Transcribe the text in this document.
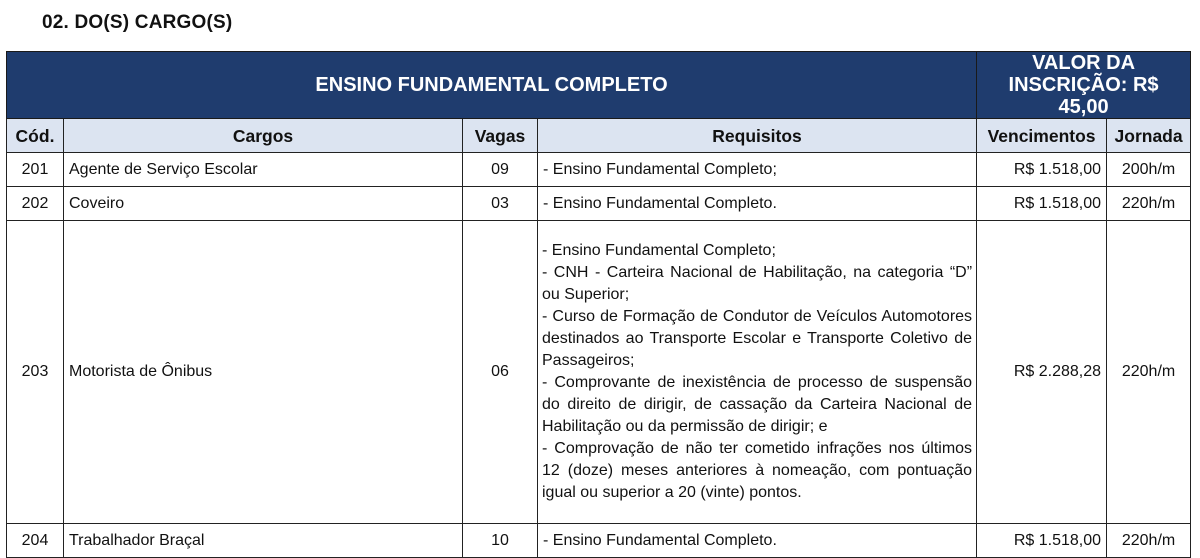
02. DO(S) CARGO(S)
ENSINO FUNDAMENTAL COMPLETO				VALOR DA INSCRIÇÃO: R$ 45,00	
Cód.	Cargos	Vagas	Requisitos	Vencimentos	Jornada
201	Agente de Serviço Escolar	09	- Ensino Fundamental Completo;	R$ 1.518,00	200h/m
202	Coveiro	03	- Ensino Fundamental Completo.	R$ 1.518,00	220h/m
203	Motorista de Ônibus	06	- Ensino Fundamental Completo;
- CNH - Carteira Nacional de Habilitação, na categoria “D” ou Superior;
- Curso de Formação de Condutor de Veículos Automotores destinados ao Transporte Escolar e Transporte Coletivo de Passageiros;
- Comprovante de inexistência de processo de suspensão do direito de dirigir, de cassação da Carteira Nacional de Habilitação ou da permissão de dirigir; e
- Comprovação de não ter cometido infrações nos últimos 12 (doze) meses anteriores à nomeação, com pontuação igual ou superior a 20 (vinte) pontos.	R$ 2.288,28	220h/m
204	Trabalhador Braçal	10	- Ensino Fundamental Completo.	R$ 1.518,00	220h/m
